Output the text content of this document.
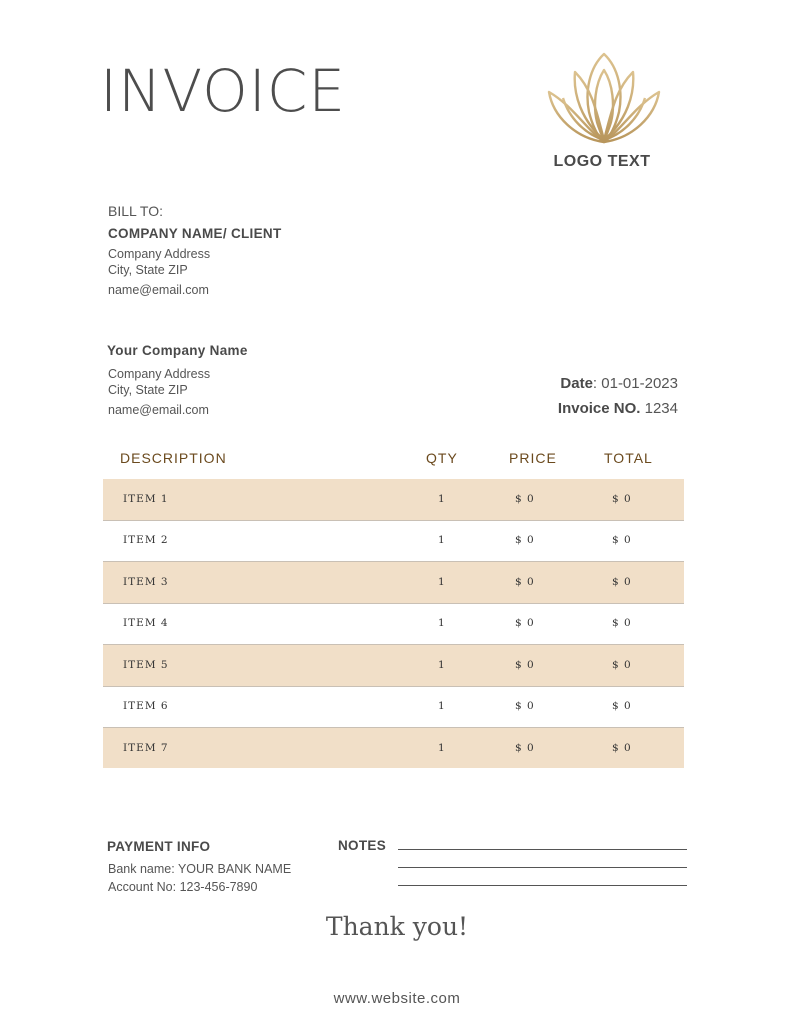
INVOICE
LOGO TEXT
BILL TO:
COMPANY NAME/ CLIENT
Company Address
City, State ZIP
name@email.com
Your Company Name
Company Address
City, State ZIP
name@email.com
Date: 01-01-2023
Invoice NO. 1234
DESCRIPTION	QTY	PRICE	TOTAL
ITEM 1	1	$ 0	$ 0
ITEM 2	1	$ 0	$ 0
ITEM 3	1	$ 0	$ 0
ITEM 4	1	$ 0	$ 0
ITEM 5	1	$ 0	$ 0
ITEM 6	1	$ 0	$ 0
ITEM 7	1	$ 0	$ 0
PAYMENT INFO
Bank name: YOUR BANK NAME
Account No: 123-456-7890
NOTES
Thank you!
www.website.com
